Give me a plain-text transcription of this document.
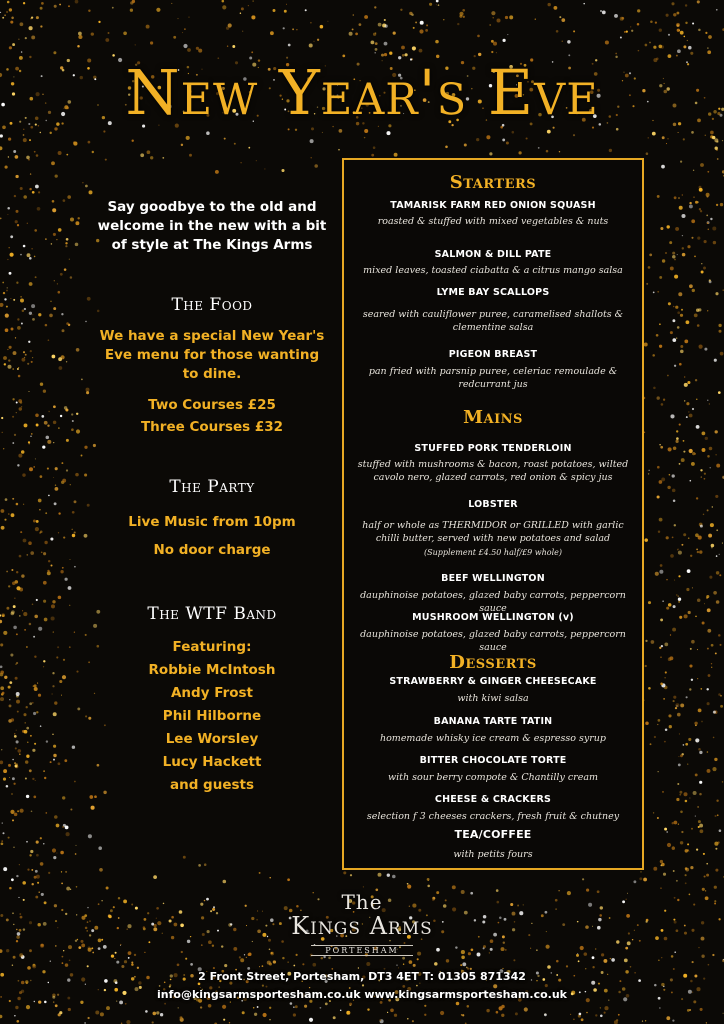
New Year's Eve
Say goodbye to the old and welcome in the new with a bit of style at The Kings Arms
The Food
We have a special New Year's Eve menu for those wanting to dine.
Two Courses £25
Three Courses £32
The Party
Live Music from 10pm
No door charge
The WTF Band
Featuring:
Robbie McIntosh
Andy Frost
Phil Hilborne
Lee Worsley
Lucy Hackett
and guests
Starters
TAMARISK FARM RED ONION SQUASH
roasted & stuffed with mixed vegetables & nuts
SALMON & DILL PATE
mixed leaves, toasted ciabatta & a citrus mango salsa
LYME BAY SCALLOPS
seared with cauliflower puree, caramelised shallots & clementine salsa
PIGEON BREAST
pan fried with parsnip puree, celeriac remoulade & redcurrant jus
Mains
STUFFED PORK TENDERLOIN
stuffed with mushrooms & bacon, roast potatoes, wilted cavolo nero, glazed carrots, red onion & spicy jus
LOBSTER
half or whole as THERMIDOR or GRILLED with garlic chilli butter, served with new potatoes and salad
(Supplement £4.50 half/£9 whole)
BEEF WELLINGTON
dauphinoise potatoes, glazed baby carrots, peppercorn sauce
MUSHROOM WELLINGTON (v)
dauphinoise potatoes, glazed baby carrots, peppercorn sauce
Desserts
STRAWBERRY & GINGER CHEESECAKE
with kiwi salsa
BANANA TARTE TATIN
homemade whisky ice cream & espresso syrup
BITTER CHOCOLATE TORTE
with sour berry compote & Chantilly cream
CHEESE & CRACKERS
selection f 3 cheeses crackers, fresh fruit & chutney
TEA/COFFEE
with petits fours
The
Kings Arms
PORTESHAM
2 Front Street, Portesham, DT3 4ET T: 01305 871342
info@kingsarmsportesham.co.uk www.kingsarmsportesham.co.uk
